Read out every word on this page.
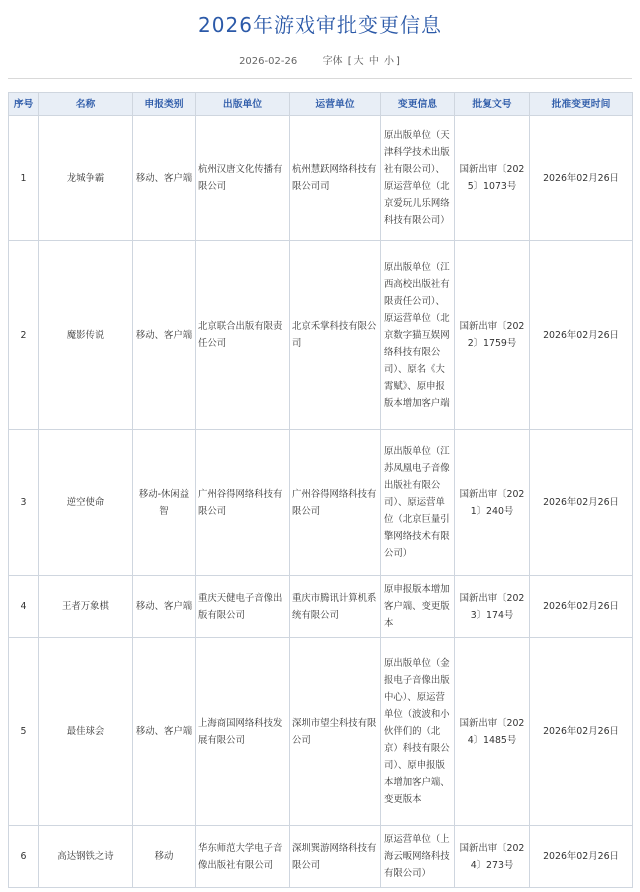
2026年游戏审批变更信息
2026-02-26	字体 [ 大 中 小 ]
序号	名称	申报类别	出版单位	运营单位	变更信息	批复文号	批准变更时间
1	龙城争霸	移动、客户端	杭州汉唐文化传播有限公司	杭州慧跃网络科技有限公司司	原出版单位（天津科学技术出版社有限公司）、原运营单位（北京爱玩儿乐网络科技有限公司）	国新出审〔2025〕1073号	2026年02月26日
2	魔影传说	移动、客户端	北京联合出版有限责任公司	北京禾掌科技有限公司	原出版单位（江西高校出版社有限责任公司）、原运营单位（北京数字猫互娱网络科技有限公司）、原名《大霄赋》、原申报版本增加客户端	国新出审〔2022〕1759号	2026年02月26日
3	逆空使命	移动-休闲益智	广州谷得网络科技有限公司	广州谷得网络科技有限公司	原出版单位（江苏凤凰电子音像出版社有限公司）、原运营单位（北京巨量引擎网络技术有限公司）	国新出审〔2021〕240号	2026年02月26日
4	王者万象棋	移动、客户端	重庆天健电子音像出版有限公司	重庆市腾讯计算机系统有限公司	原申报版本增加客户端、变更版本	国新出审〔2023〕174号	2026年02月26日
5	最佳球会	移动、客户端	上海商国网络科技发展有限公司	深圳市望尘科技有限公司	原出版单位（金报电子音像出版中心）、原运营单位（波波和小伙伴们的（北京）科技有限公司）、原申报版本增加客户端、变更版本	国新出审〔2024〕1485号	2026年02月26日
6	高达钢铁之诗	移动	华东师范大学电子音像出版社有限公司	深圳巽游网络科技有限公司	原运营单位（上海云畈网络科技有限公司）	国新出审〔2024〕273号	2026年02月26日
